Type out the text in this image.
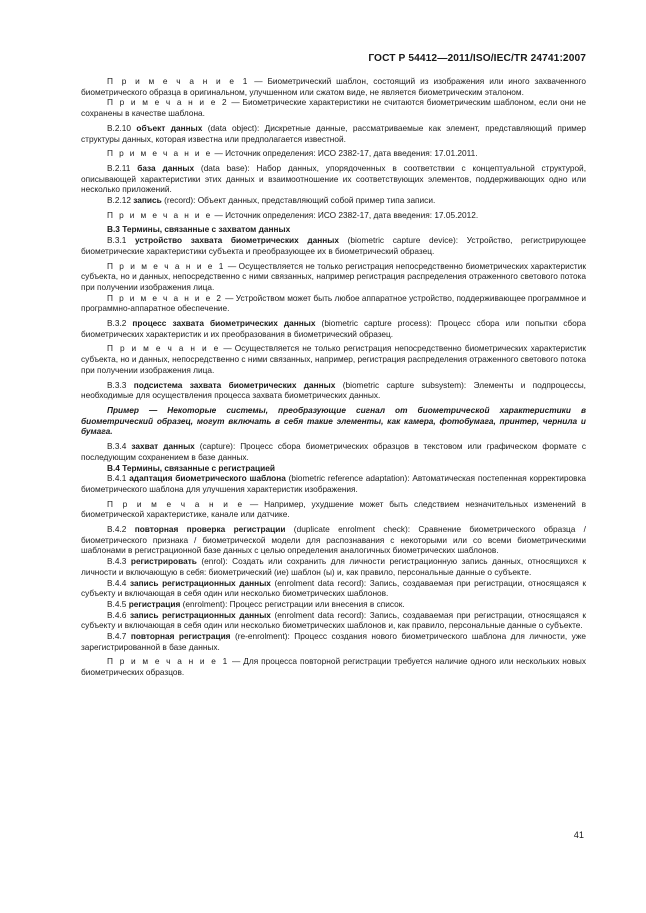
ГОСТ Р 54412—2011/ISO/IEC/TR 24741:2007

П р и м е ч а н и е 1 — Биометрический шаблон, состоящий из изображения или иного захваченного биометрического образца в оригинальном, улучшенном или сжатом виде, не является биометрическим эталоном.

П р и м е ч а н и е 2 — Биометрические характеристики не считаются биометрическим шаблоном, если они не сохранены в качестве шаблона.

B.2.10 объект данных (data object): Дискретные данные, рассматриваемые как элемент, представляющий пример структуры данных, которая известна или предполагается известной.

П р и м е ч а н и е — Источник определения: ИСО 2382-17, дата введения: 17.01.2011.

B.2.11 база данных (data base): Набор данных, упорядоченных в соответствии с концептуальной структурой, описывающей характеристики этих данных и взаимоотношение их соответствующих элементов, поддерживающих одно или несколько приложений.

B.2.12 запись (record): Объект данных, представляющий собой пример типа записи.

П р и м е ч а н и е — Источник определения: ИСО 2382-17, дата введения: 17.05.2012.

B.3 Термины, связанные с захватом данных

B.3.1 устройство захвата биометрических данных (biometric capture device): Устройство, регистрирующее биометрические характеристики субъекта и преобразующее их в биометрический образец.

П р и м е ч а н и е 1 — Осуществляется не только регистрация непосредственно биометрических характеристик субъекта, но и данных, непосредственно с ними связанных, например регистрация распределения отраженного светового потока при получении изображения лица.

П р и м е ч а н и е 2 — Устройством может быть любое аппаратное устройство, поддерживающее программное и программно-аппаратное обеспечение.

B.3.2 процесс захвата биометрических данных (biometric capture process): Процесс сбора или попытки сбора биометрических характеристик и их преобразования в биометрический образец.

П р и м е ч а н и е — Осуществляется не только регистрация непосредственно биометрических характеристик субъекта, но и данных, непосредственно с ними связанных, например, регистрация распределения отраженного светового потока при получении изображения лица.

B.3.3 подсистема захвата биометрических данных (biometric capture subsystem): Элементы и подпроцессы, необходимые для осуществления процесса захвата биометрических данных.

Пример — Некоторые системы, преобразующие сигнал от биометрической характеристики в биометрический образец, могут включать в себя такие элементы, как камера, фотобумага, принтер, чернила и бумага.

B.3.4 захват данных (capture): Процесс сбора биометрических образцов в текстовом или графическом формате с последующим сохранением в базе данных.

B.4 Термины, связанные с регистрацией

B.4.1 адаптация биометрического шаблона (biometric reference adaptation): Автоматическая постепенная корректировка биометрического шаблона для улучшения характеристик изображения.

П р и м е ч а н и е — Например, ухудшение может быть следствием незначительных изменений в биометрической характеристике, канале или датчике.

B.4.2 повторная проверка регистрации (duplicate enrolment check): Сравнение биометрического образца /биометрического признака / биометрической модели для распознавания с некоторыми или со всеми биометрическими шаблонами в регистрационной базе данных с целью определения аналогичных биометрических шаблонов.

B.4.3 регистрировать (enrol): Создать или сохранить для личности регистрационную запись данных, относящихся к личности и включающую в себя: биометрический (ие) шаблон (ы) и, как правило, персональные данные о субъекте.

B.4.4 запись регистрационных данных (enrolment data record): Запись, создаваемая при регистрации, относящаяся к субъекту и включающая в себя один или несколько биометрических шаблонов.

B.4.5 регистрация (enrolment): Процесс регистрации или внесения в список.

B.4.6 запись регистрационных данных (enrolment data record): Запись, создаваемая при регистрации, относящаяся к субъекту и включающая в себя один или несколько биометрических шаблонов и, как правило, персональные данные о субъекте.

B.4.7 повторная регистрация (re-enrolment): Процесс создания нового биометрического шаблона для личности, уже зарегистрированной в базе данных.

П р и м е ч а н и е 1 — Для процесса повторной регистрации требуется наличие одного или нескольких новых биометрических образцов.

41
